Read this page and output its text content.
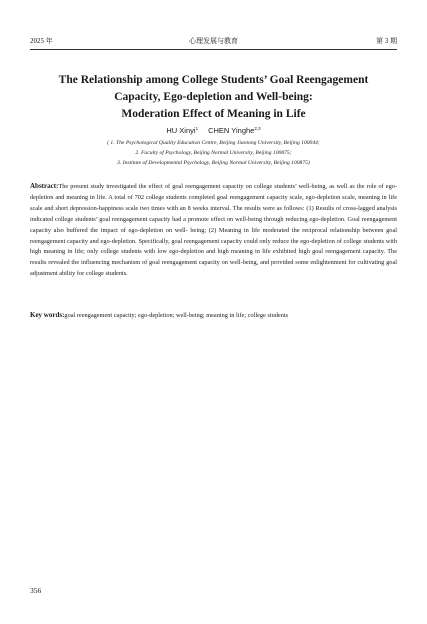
2025 年	心理发展与教育	第 3 期
The Relationship among College Students’ Goal Reengagement
Capacity, Ego-depletion and Well-being:
Moderation Effect of Meaning in Life
HU Xinyi$^1$ CHEN Yinghe$^{2,3}$
( 1. The Psychological Quality Education Centre, Beijing Jiaotong University, Beijing 100044;
2. Faculty of Psychology, Beijing Normal University, Beijing 100875;
3. Institute of Developmental Psychology, Beijing Normal University, Beijing 100875)
Abstract:The present study investigated the effect of goal reengagement capacity on college students’ well-being, as well as the role of ego-depletion and meaning in life. A total of 702 college students completed goal reengagement capacity scale, ego-depletion scale, meaning in life scale and short depression-happiness scale two times with an 8 weeks interval. The results were as follows: (1) Results of cross-lagged analysis indicated college students’ goal reengagement capacity had a promote effect on well-being through reducing ego-depletion. Goal reengagement capacity also buffered the impact of ego-depletion on well- being; (2) Meaning in life moderated the reciprocal relationship between goal reengagement capacity and ego-depletion. Specifically, goal reengagement capacity could only reduce the ego-depletion of college students with high meaning in life; only college students with low ego-depletion and high meaning in life exhibited high goal reengagement capacity. The results revealed the influencing mechanism of goal reengagement capacity on well-being, and provided some enlightenment for cultivating goal adjustment ability for college students.
Key words:goal reengagement capacity; ego-depletion; well-being; meaning in life; college students
356
